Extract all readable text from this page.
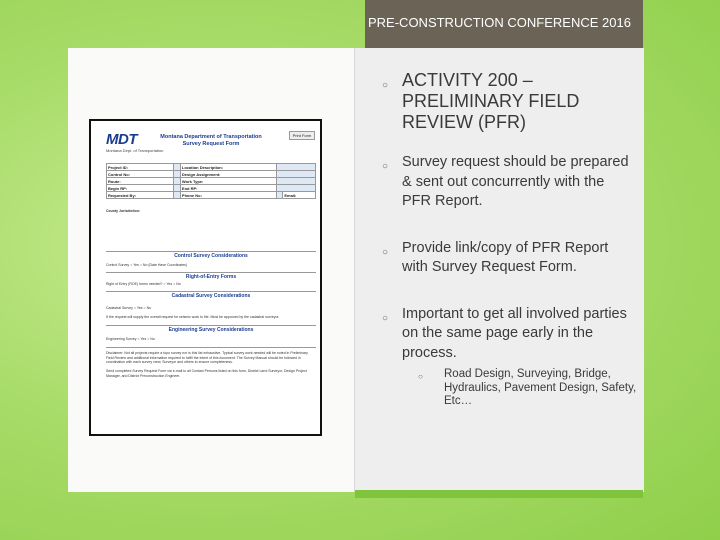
PRE-CONSTRUCTION CONFERENCE 2016
MDT
Montana Dept. of Transportation
Montana Department of Transportation
Survey Request Form
Print Form
Project ID:		Location Description:		
Control No:		Design Assignment:		
Route:		Work Type:		
Begin RP:		End RP:		
Requested By:		Phone No:		Email:
County Jurisdiction:
Control Survey Considerations
Control Survey ○ Yes ○ No (Date Have Coordinates)
Right-of-Entry Forms
Right of Entry (ROE) forms needed? ○ Yes ○ No
Cadastral Survey Considerations
Cadastral Survey ○ Yes ○ No
If the request will supply the overall request for seismic work to file. Must be approved by the cadastral surveyor.
Engineering Survey Considerations
Engineering Survey ○ Yes ○ No
Disclaimer: Not all projects require a topo survey nor is this list exhaustive. Typical survey work needed will be noted in Preliminary Field Review and additional information required to fulfill the intent of this document. The Survey Manual should be followed in coordination with each survey crew, Surveyor and others to ensure completeness.
Send completed Survey Request Form via e-mail to all Contact Persons listed on this form, District Land Surveyor, Design Project Manager, and District Preconstruction Engineer.
○ ACTIVITY 200 – PRELIMINARY FIELD REVIEW (PFR)
○ Survey request should be prepared & sent out concurrently with the PFR Report.
○ Provide link/copy of PFR Report with Survey Request Form.
○ Important to get all involved parties on the same page early in the process.
○ Road Design, Surveying, Bridge, Hydraulics, Pavement Design, Safety, Etc…
